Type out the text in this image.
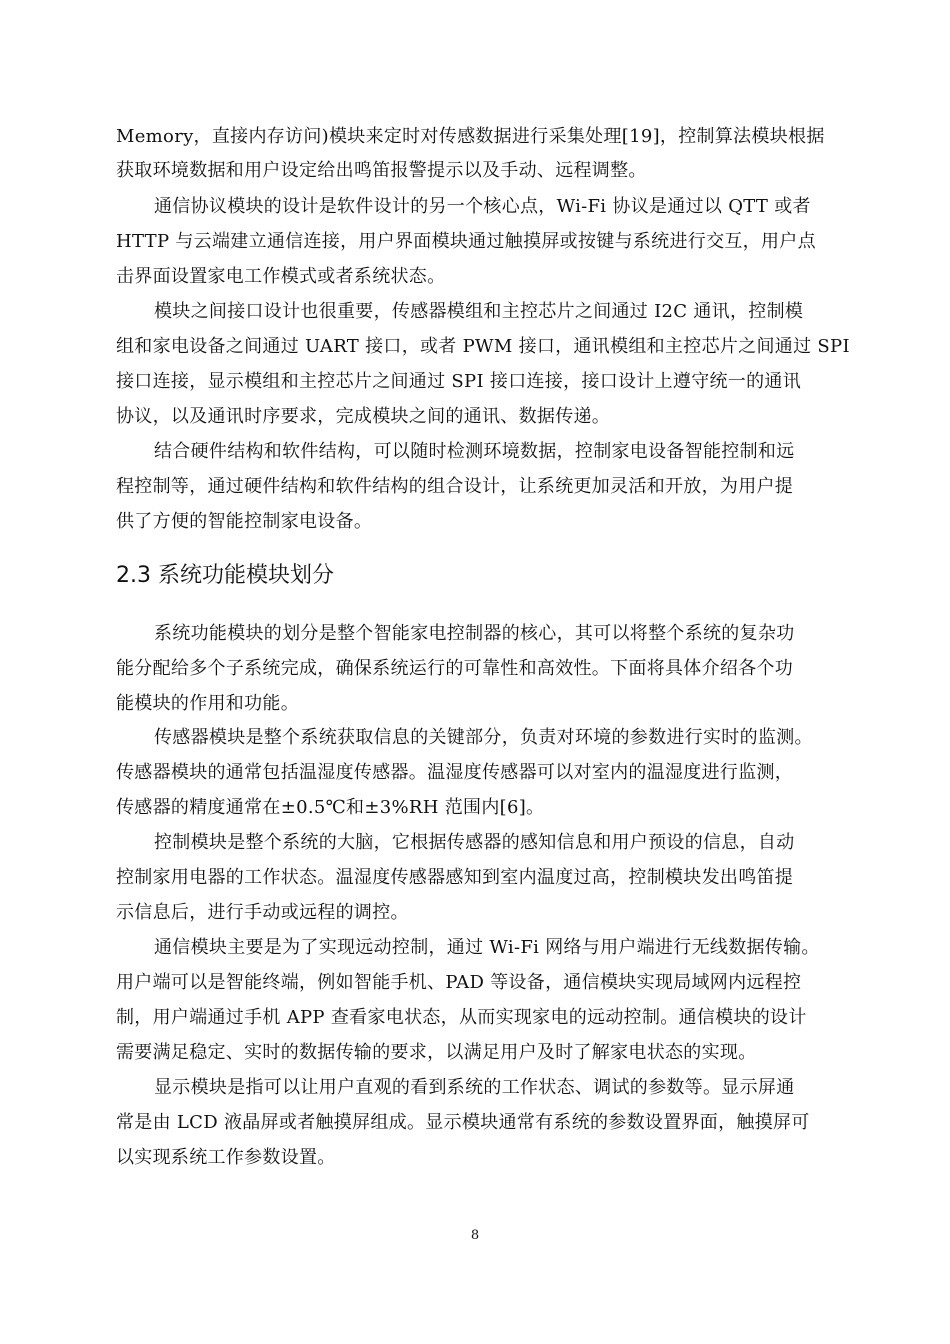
Memory，直接内存访问)模块来定时对传感数据进行采集处理[19]，控制算法模块根据
获取环境数据和用户设定给出鸣笛报警提示以及手动、远程调整。
通信协议模块的设计是软件设计的另一个核心点，Wi-Fi 协议是通过以 QTT 或者
HTTP 与云端建立通信连接，用户界面模块通过触摸屏或按键与系统进行交互，用户点
击界面设置家电工作模式或者系统状态。
模块之间接口设计也很重要，传感器模组和主控芯片之间通过 I2C 通讯，控制模
组和家电设备之间通过 UART 接口，或者 PWM 接口，通讯模组和主控芯片之间通过 SPI
接口连接，显示模组和主控芯片之间通过 SPI 接口连接，接口设计上遵守统一的通讯
协议，以及通讯时序要求，完成模块之间的通讯、数据传递。
结合硬件结构和软件结构，可以随时检测环境数据，控制家电设备智能控制和远
程控制等，通过硬件结构和软件结构的组合设计，让系统更加灵活和开放，为用户提
供了方便的智能控制家电设备。
2.3 系统功能模块划分
系统功能模块的划分是整个智能家电控制器的核心，其可以将整个系统的复杂功
能分配给多个子系统完成，确保系统运行的可靠性和高效性。下面将具体介绍各个功
能模块的作用和功能。
传感器模块是整个系统获取信息的关键部分，负责对环境的参数进行实时的监测。
传感器模块的通常包括温湿度传感器。温湿度传感器可以对室内的温湿度进行监测，
传感器的精度通常在±0.5℃和±3%RH 范围内[6]。
控制模块是整个系统的大脑，它根据传感器的感知信息和用户预设的信息，自动
控制家用电器的工作状态。温湿度传感器感知到室内温度过高，控制模块发出鸣笛提
示信息后，进行手动或远程的调控。
通信模块主要是为了实现远动控制，通过 Wi-Fi 网络与用户端进行无线数据传输。
用户端可以是智能终端，例如智能手机、PAD 等设备，通信模块实现局域网内远程控
制，用户端通过手机 APP 查看家电状态，从而实现家电的远动控制。通信模块的设计
需要满足稳定、实时的数据传输的要求，以满足用户及时了解家电状态的实现。
显示模块是指可以让用户直观的看到系统的工作状态、调试的参数等。显示屏通
常是由 LCD 液晶屏或者触摸屏组成。显示模块通常有系统的参数设置界面，触摸屏可
以实现系统工作参数设置。
8
